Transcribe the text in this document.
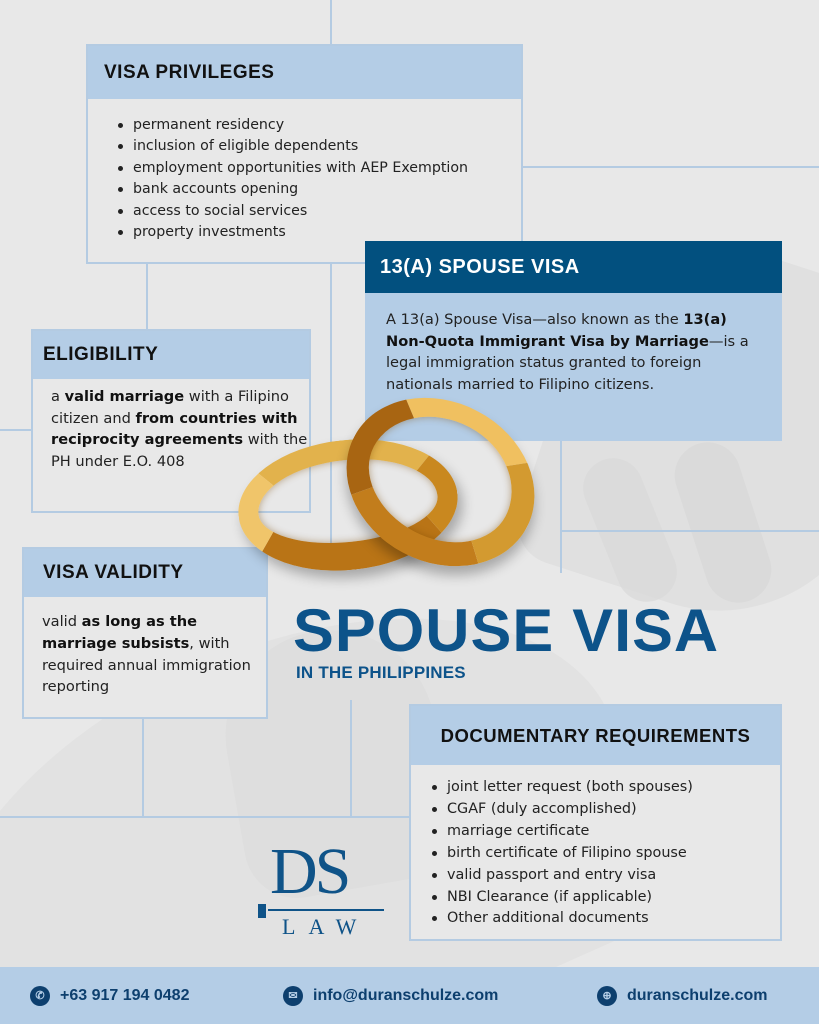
VISA PRIVILEGES
permanent residency
inclusion of eligible dependents
employment opportunities with AEP Exemption
bank accounts opening
access to social services
property investments
13(A) SPOUSE VISA
A 13(a) Spouse Visa—also known as the 13(a) Non-Quota Immigrant Visa by Marriage—is a legal immigration status granted to foreign nationals married to Filipino citizens.
ELIGIBILITY
a valid marriage with a Filipino citizen and from countries with reciprocity agreements with the PH under E.O. 408
VISA VALIDITY
valid as long as the marriage subsists, with required annual immigration reporting
SPOUSE VISA
IN THE PHILIPPINES
DOCUMENTARY REQUIREMENTS
joint letter request (both spouses)
CGAF (duly accomplished)
marriage certificate
birth certificate of Filipino spouse
valid passport and entry visa
NBI Clearance (if applicable)
Other additional documents
DS
LAW
✆ +63 917 194 0482	✉ info@duranschulze.com	⊕ duranschulze.com
